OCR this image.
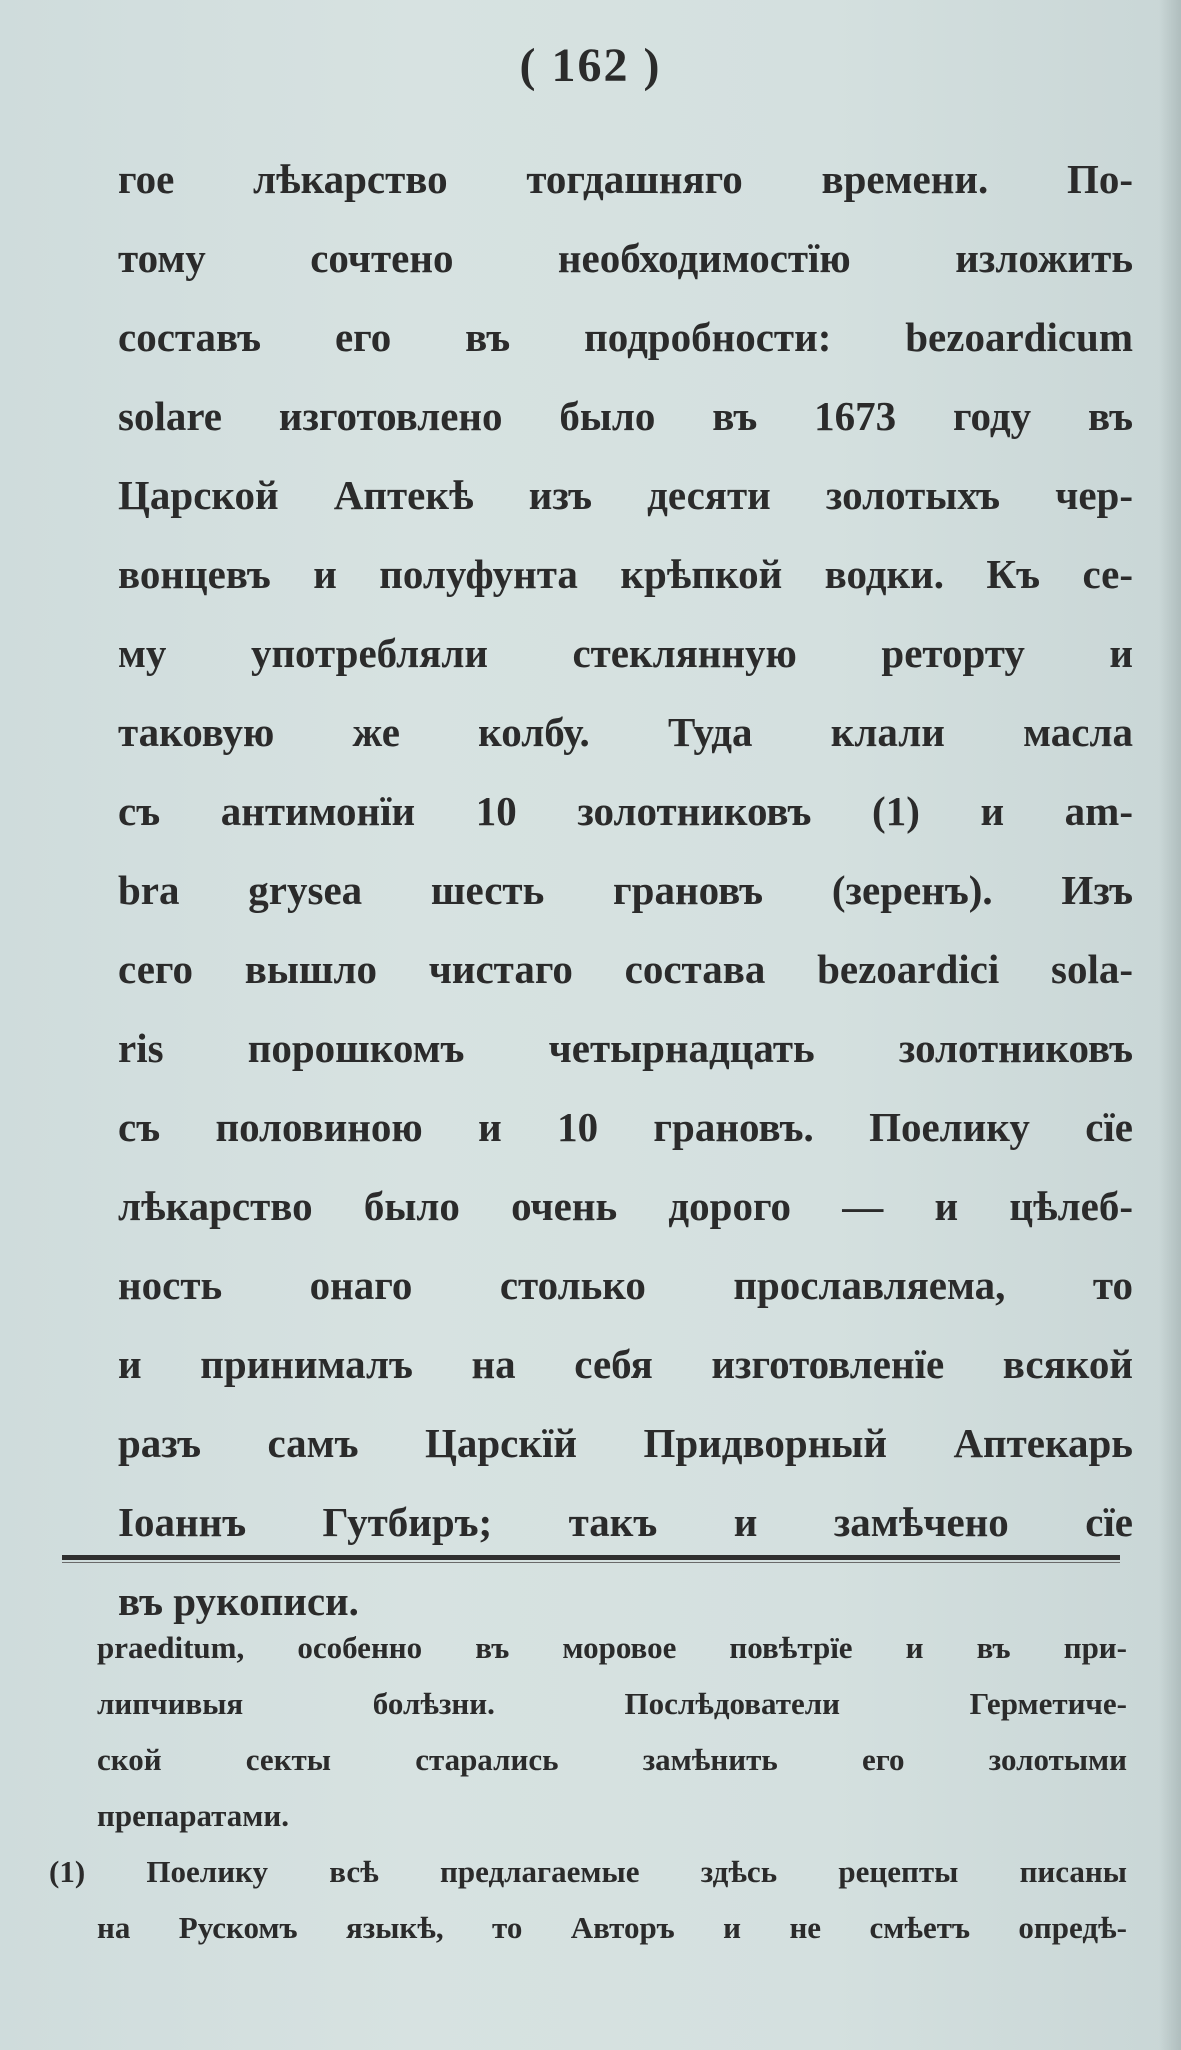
( 162 )
гое лѣкарство тогдашняго времени. По-
тому сочтено необходимостїю изложить
составъ его въ подробности: bezoardicum
solare изготовлено было въ 1673 году въ
Царской Аптекѣ изъ десяти золотыхъ чер-
вонцевъ и полуфунта крѣпкой водки. Къ се-
му употребляли стеклянную реторту и
таковую же колбу. Туда клали масла
съ антимонїи 10 золотниковъ (1) и am-
bra grysea шесть грановъ (зеренъ). Изъ
сего вышло чистаго состава bezoardici sola-
ris порошкомъ четырнадцать золотниковъ
съ половиною и 10 грановъ. Поелику сїе
лѣкарство было очень дорого — и цѣлеб-
ность онаго столько прославляема, то
и принималъ на себя изготовленїе всякой
разъ самъ Царскїй Придворный Аптекарь
Іоаннъ Гутбиръ; такъ и замѣчено сїе
въ рукописи.
praeditum, особенно въ моровое повѣтрїе и въ при-
липчивыя болѣзни. Послѣдователи Герметиче-
ской секты старались замѣнить его золотыми
препаратами.
(1) Поелику всѣ предлагаемые здѣсь рецепты писаны
на Рускомъ языкѣ, то Авторъ и не смѣетъ опредѣ-
